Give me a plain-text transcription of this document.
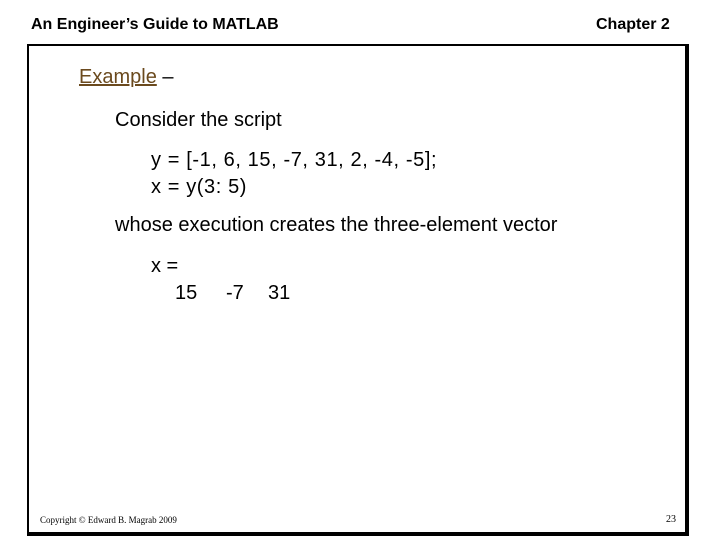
An Engineer’s Guide to MATLAB	Chapter 2
Example –
Consider the script
y = [-1, 6, 15, -7, 31, 2, -4, -5];
x = y(3: 5)
whose execution creates the three-element vector
x =
15 -7 31
Copyright © Edward B. Magrab 2009	23
